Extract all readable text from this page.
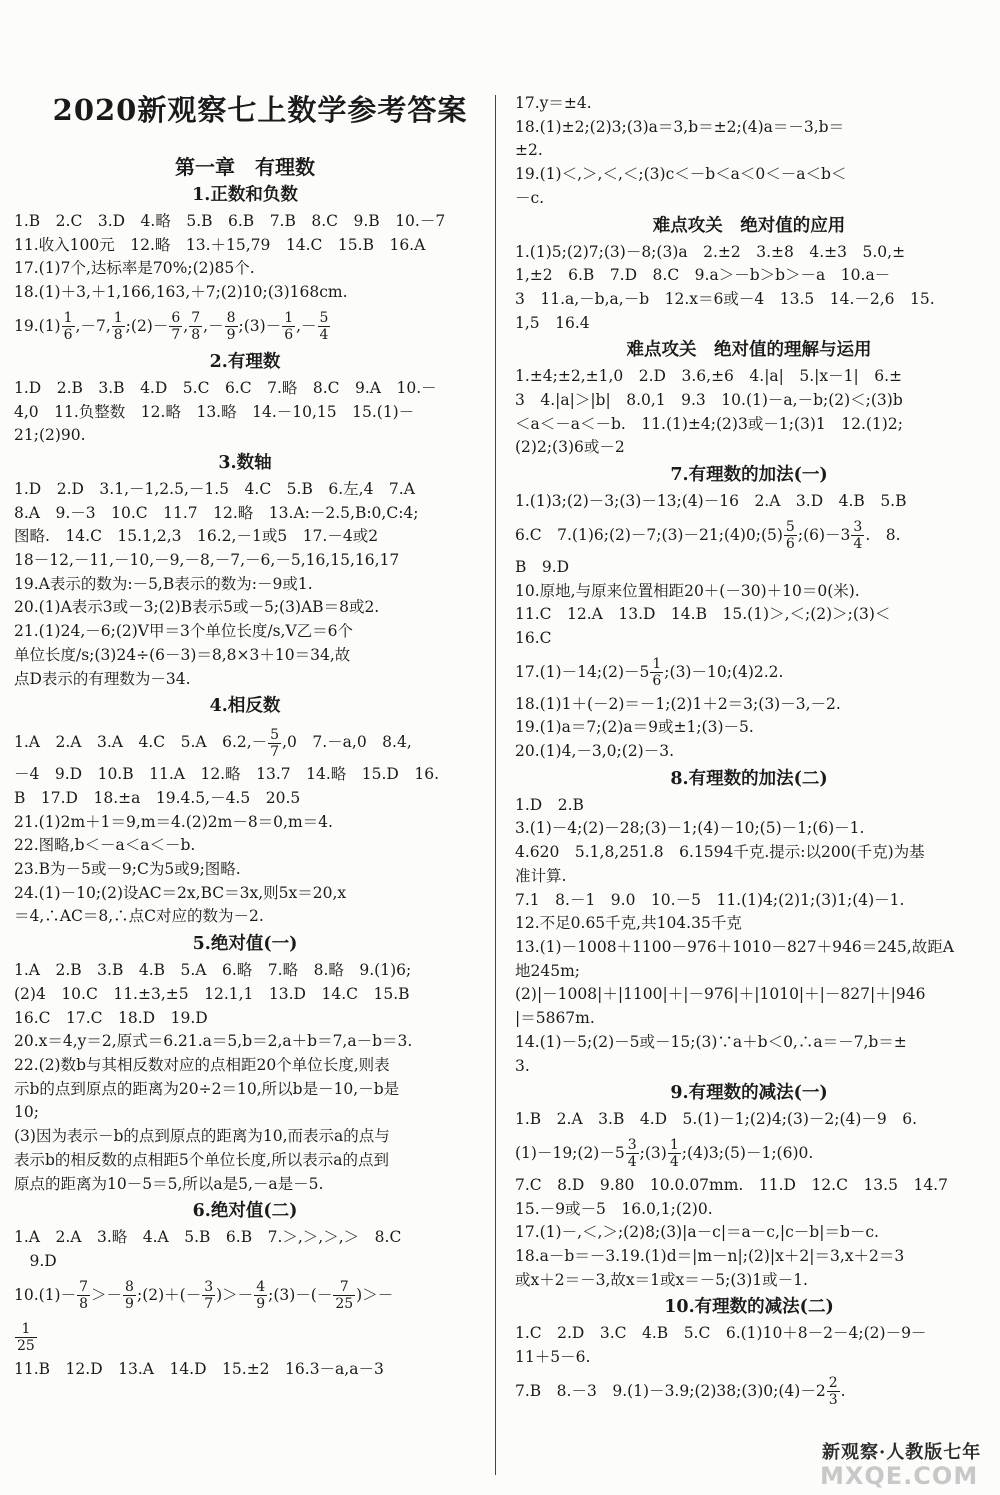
2020新观察七上数学参考答案
第一章　有理数
1.正数和负数
1.B　2.C　3.D　4.略　5.B　6.B　7.B　8.C　9.B　10.－7
11.收入100元　12.略　13.＋15,79　14.C　15.B　16.A
17.(1)7个,达标率是70%;(2)85个.
18.(1)＋3,＋1,166,163,＋7;(2)10;(3)168cm.
$19.(1) \frac{1}{6} ,-7$, $\frac{1}{8}$ ;(2)－ $\frac{6}{7}$ , $\frac{7}{8}$ ,－ $\frac{8}{9}$ ;(3)－ $\frac{1}{6}$ ,－ $\frac{5}{4}$
2.有理数
1.D　2.B　3.B　4.D　5.C　6.C　7.略　8.C　9.A　10.－
4,0　11.负整数　12.略　13.略　14.－10,15　15.(1)－
21;(2)90.
3.数轴
1.D　2.D　3.1,－1,2.5,－1.5　4.C　5.B　6.左,4　7.A
8.A　9.－3　10.C　11.7　12.略　13.A:－2.5,B:0,C:4;
图略.　14.C　15.1,2,3　16.2,－1或5　17.－4或2
18－12,－11,－10,－9,－8,－7,－6,－5,16,15,16,17
19.A表示的数为:－5,B表示的数为:－9或1.
20.(1)A表示3或－3;(2)B表示5或－5;(3)AB＝8或2.
21.(1)24,－6;(2)V甲＝3个单位长度/s,V乙＝6个
单位长度/s;(3)24÷(6－3)＝8,8×3＋10＝34,故
点D表示的有理数为－34.
4.相反数
1.A　2.A　3.A　4.C　5.A　$6.2,- \frac{5}{7} ,0$　7.－a,0　8.4,
－4　9.D　10.B　11.A　12.略　13.7　14.略　15.D　16.
B　17.D　18.±a　19.4.5,－4.5　20.5
21.(1)2m＋1＝9,m＝4.(2)2m－8＝0,m＝4.
22.图略,b＜－a＜a＜－b.
23.B为－5或－9;C为5或9;图略.
24.(1)－10;(2)设AC＝2x,BC＝3x,则5x＝20,x
＝4,∴AC＝8,∴点C对应的数为－2.
5.绝对值(一)
1.A　2.B　3.B　4.B　5.A　6.略　7.略　8.略　9.(1)6;
(2)4　10.C　11.±3,±5　12.1,1　13.D　14.C　15.B
16.C　17.C　18.D　19.D
20.x＝4,y＝2,原式＝6.21.a＝5,b＝2,a＋b＝7,a－b＝3.
22.(2)数b与其相反数对应的点相距20个单位长度,则表
示b的点到原点的距离为20÷2＝10,所以b是－10,－b是
10;
(3)因为表示－b的点到原点的距离为10,而表示a的点与
表示b的相反数的点相距5个单位长度,所以表示a的点到
原点的距离为10－5＝5,所以a是5,－a是－5.
6.绝对值(二)
1.A　2.A　3.略　4.A　5.B　6.B　7.＞,＞,＞,＞　8.C
　9.D
$10.(1)- \frac{7}{8} >- \frac{8}{9}$ ;(2)＋(－ $\frac{3}{7}$ )＞－ $\frac{4}{9}$ ;(3)－(－ $\frac{7}{25}$ )＞－
$\frac{1}{25}$
11.B　12.D　13.A　14.D　15.±2　16.3－a,a－3
17.y＝±4.
18.(1)±2;(2)3;(3)a＝3,b＝±2;(4)a＝－3,b＝
±2.
19.(1)＜,＞,＜,＜;(3)c＜－b＜a＜0＜－a＜b＜
－c.
难点攻关　绝对值的应用
1.(1)5;(2)7;(3)－8;(3)a　2.±2　3.±8　4.±3　5.0,±
1,±2　6.B　7.D　8.C　9.a＞－b＞b＞－a　10.a－
3　11.a,－b,a,－b　12.x＝6或－4　13.5　14.－2,6　15.
1,5　16.4
难点攻关　绝对值的理解与运用
1.±4;±2,±1,0　2.D　3.6,±6　4.|a|　5.|x－1|　6.±
3　4.|a|＞|b|　8.0,1　9.3　10.(1)－a,－b;(2)＜;(3)b
＜a＜－a＜－b.　11.(1)±4;(2)3或－1;(3)1　12.(1)2;
(2)2;(3)6或－2
7.有理数的加法(一)
1.(1)3;(2)－3;(3)－13;(4)－16　2.A　3.D　4.B　5.B
6.C　7.(1)6;(2)－7;(3)－21;(4)0;(5) $\frac{5}{6}$ ;(6)－3 $\frac{3}{4}$ .　8.
B　9.D
10.原地,与原来位置相距20＋(－30)＋10＝0(米).
11.C　12.A　13.D　14.B　15.(1)＞,＜;(2)＞;(3)＜
16.C
17.(1)－14;(2)－5 $\frac{1}{6}$ ;(3)－10;(4)2.2.
18.(1)1＋(－2)＝－1;(2)1＋2＝3;(3)－3,－2.
19.(1)a＝7;(2)a＝9或±1;(3)－5.
20.(1)4,－3,0;(2)－3.
8.有理数的加法(二)
1.D　2.B
3.(1)－4;(2)－28;(3)－1;(4)－10;(5)－1;(6)－1.
4.620　5.1,8,251.8　6.1594千克.提示:以200(千克)为基
准计算.
7.1　8.－1　9.0　10.－5　11.(1)4;(2)1;(3)1;(4)－1.
12.不足0.65千克,共104.35千克
13.(1)－1008＋1100－976＋1010－827＋946＝245,故距A
地245m;
(2)|－1008|＋|1100|＋|－976|＋|1010|＋|－827|＋|946
|＝5867m.
14.(1)－5;(2)－5或－15;(3)∵a＋b＜0,∴a＝－7,b＝±
3.
9.有理数的减法(一)
1.B　2.A　3.B　4.D　5.(1)－1;(2)4;(3)－2;(4)－9　6.
(1)－19;(2)－5 $\frac{3}{4}$ ;(3) $\frac{1}{4}$ ;(4)3;(5)－1;(6)0.
7.C　8.D　9.80　10.0.07mm.　11.D　12.C　13.5　14.7
15.－9或－5　16.0,1;(2)0.
17.(1)－,＜,＞;(2)8;(3)|a－c|＝a－c,|c－b|＝b－c.
18.a－b＝－3.19.(1)d＝|m－n|;(2)|x＋2|＝3,x＋2＝3
或x＋2＝－3,故x＝1或x＝－5;(3)1或－1.
10.有理数的减法(二)
1.C　2.D　3.C　4.B　5.C　6.(1)10＋8－2－4;(2)－9－
11＋5－6.
7.B　8.－3　9.(1)－3.9;(2)38;(3)0;(4)－2 $\frac{2}{3}$ .
新观察·人教版七年
MXQE.COM
